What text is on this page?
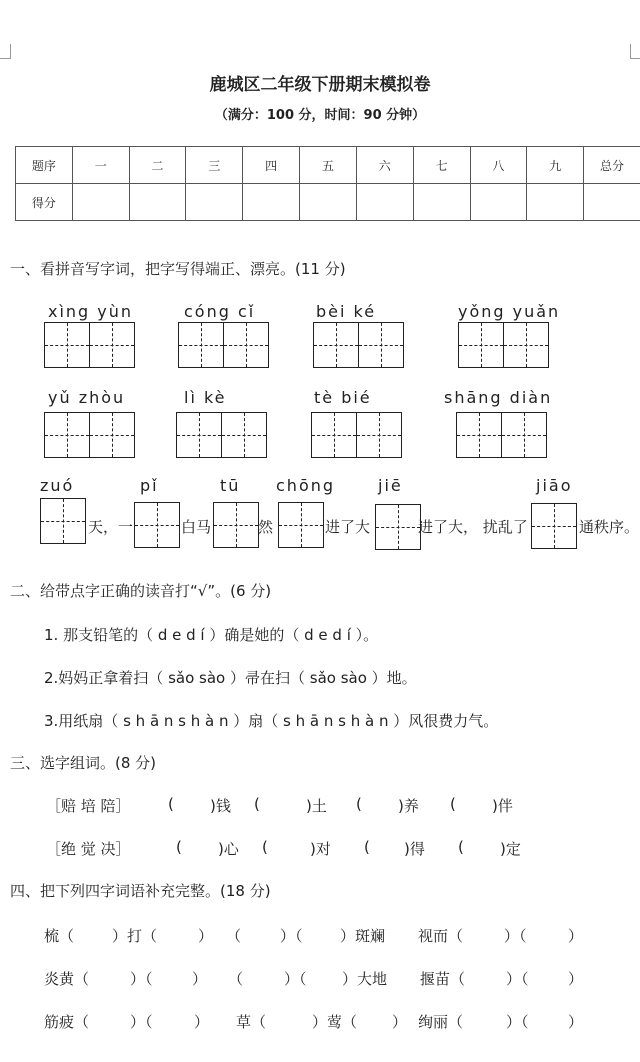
鹿城区二年级下册期末模拟卷
（满分：100 分，时间：90 分钟）
题序	一	二	三	四	五	六	七	八	九	总分
得分										
一、看拼音写字词，把字写得端正、漂亮。(11 分)
xìng yùn	cóng cǐ	bèi ké	yǒng yuǎn
yǔ zhòu	lì kè	tè bié	shāng diàn
zuó	pǐ	tū chōng	jiē	jiāo
天，一	白马	然	进了大	进了大， 扰乱了	通秩序。
二、给带点字正确的读音打“√”。(6 分)
1. 那支铅笔的（ d e d í ）确是她的（ d e d í ）。
2.妈妈正拿着扫（ sǎo sào ）帚在扫（ sǎo sào ）地。
3.用纸扇（ s h ā n s h à n ）扇（ s h ā n s h à n ）风很费力气。
三、选字组词。(8 分)
［赔 培 陪］ ( )钱 (	)土 ( )养 ( )伴
［绝 觉 决］	( )心 (	)对 ( )得 ( )定
四、把下列四字词语补充完整。(18 分)
梳（	）打（	） （	）（ ）斑斓 视而（	）（	）
炎黄（	）（	） （	）（ ）大地 揠苗（	）（	）
筋疲（	）（	） 草（	）莺（ ） 绚丽（	）（	）
